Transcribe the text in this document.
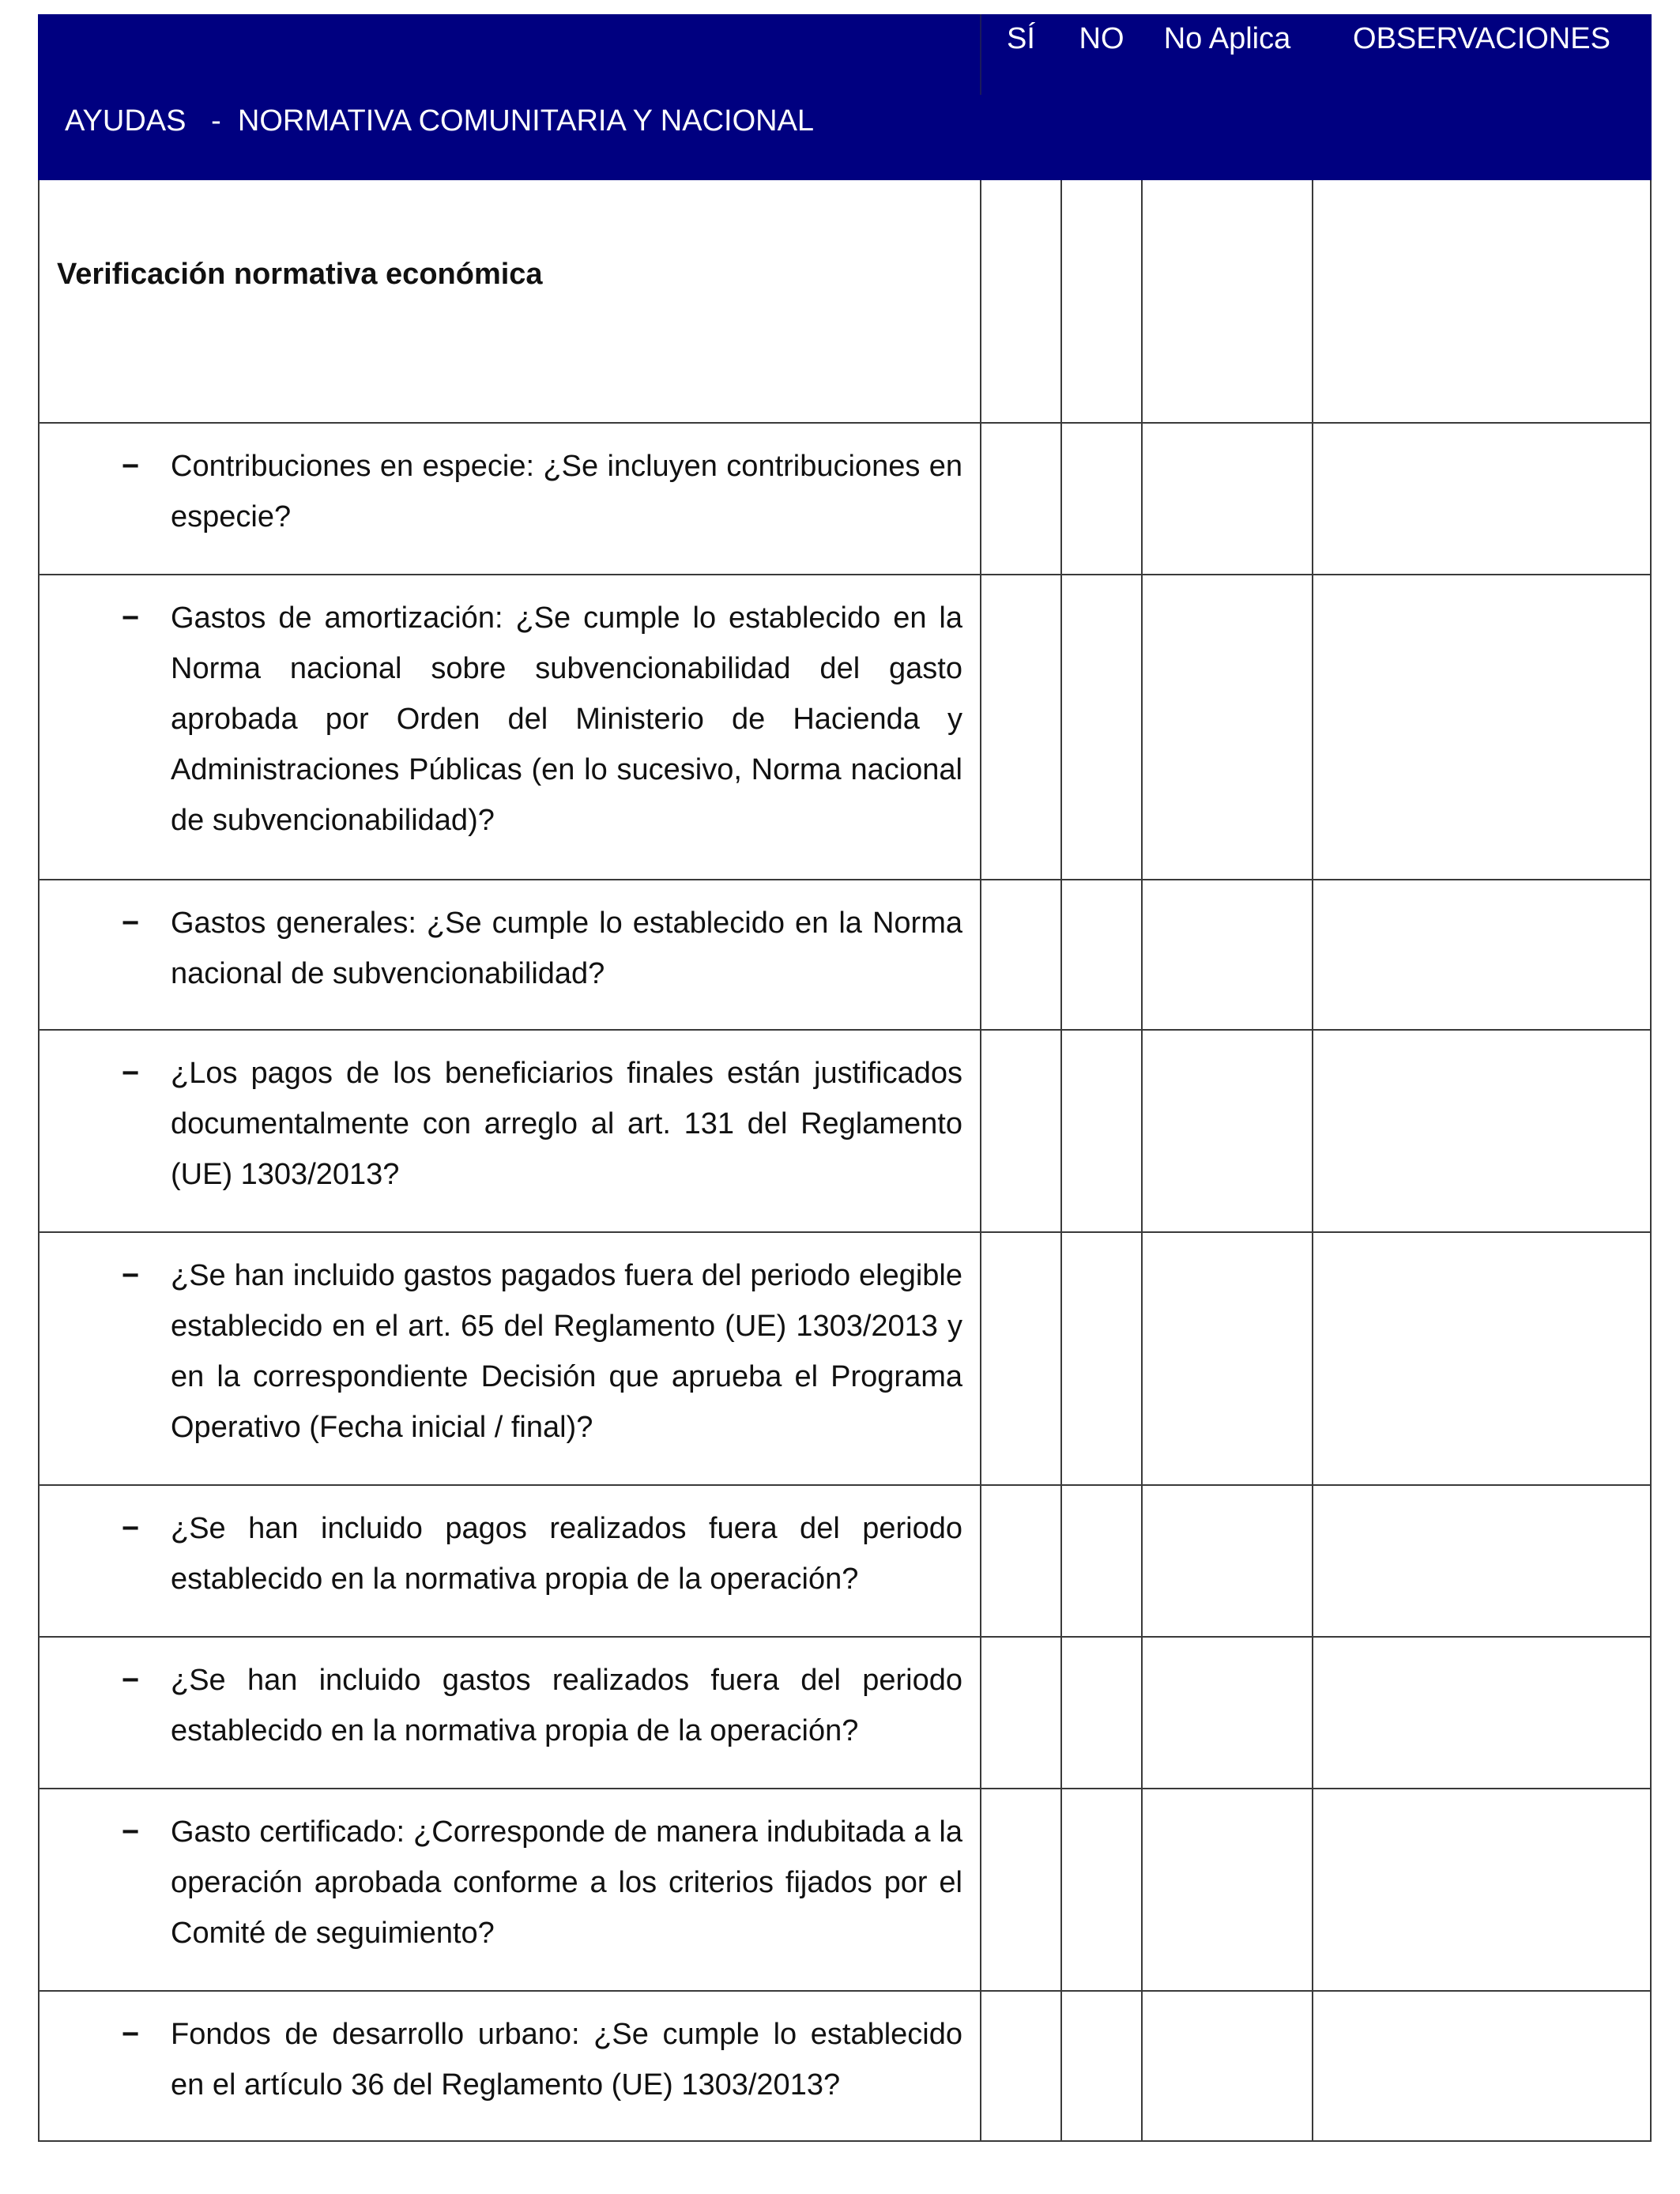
	SÍ	NO	No Aplica	OBSERVACIONES
AYUDAS   -  NORMATIVA COMUNITARIA Y NACIONAL				
Verificación normativa económica				

− Contribuciones en especie: ¿Se incluyen contribuciones en especie?				

− Gastos de amortización: ¿Se cumple lo establecido en la Norma nacional sobre subvencionabilidad del gasto aprobada por Orden del Ministerio de Hacienda y Administraciones Públicas (en lo sucesivo, Norma nacional de subvencionabilidad)?				

− Gastos generales: ¿Se cumple lo establecido en la Norma nacional de subvencionabilidad?				

− ¿Los pagos de los beneficiarios finales están justificados documentalmente con arreglo al art. 131 del Reglamento (UE) 1303/2013?				

− ¿Se han incluido gastos pagados fuera del periodo elegible establecido en el art. 65 del Reglamento (UE) 1303/2013 y en la correspondiente Decisión que aprueba el Programa Operativo (Fecha inicial / final)?				

− ¿Se han incluido pagos realizados fuera del periodo establecido en la normativa propia de la operación?				

− ¿Se han incluido gastos realizados fuera del periodo establecido en la normativa propia de la operación?				

− Gasto certificado: ¿Corresponde de manera indubitada a la operación aprobada conforme a los criterios fijados por el Comité de seguimiento?				

− Fondos de desarrollo urbano: ¿Se cumple lo establecido en el artículo 36 del Reglamento (UE) 1303/2013?				
